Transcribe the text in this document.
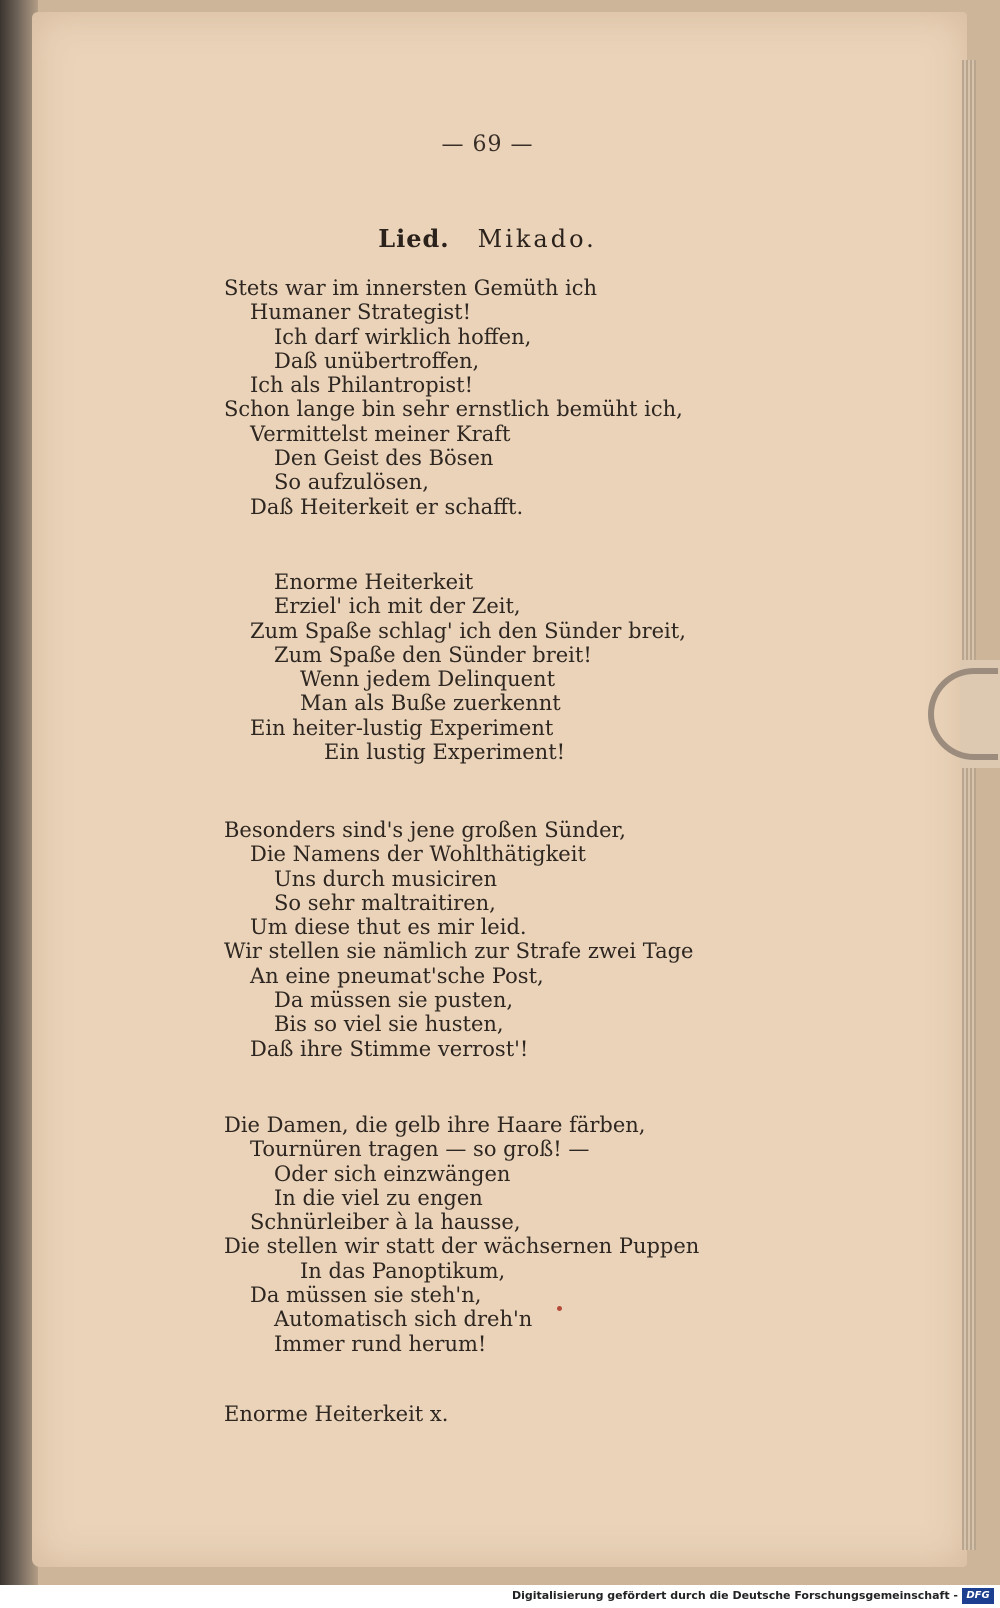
— 69 —
Lied. Mikado.
Stets war im innersten Gemüth ich
Humaner Strategist!
Ich darf wirklich hoffen,
Daß unübertroffen,
Ich als Philantropist!
Schon lange bin sehr ernstlich bemüht ich,
Vermittelst meiner Kraft
Den Geist des Bösen
So aufzulösen,
Daß Heiterkeit er schafft.
Enorme Heiterkeit
Erziel' ich mit der Zeit,
Zum Spaße schlag' ich den Sünder breit,
Zum Spaße den Sünder breit!
Wenn jedem Delinquent
Man als Buße zuerkennt
Ein heiter-lustig Experiment
Ein lustig Experiment!
Besonders sind's jene großen Sünder,
Die Namens der Wohlthätigkeit
Uns durch musiciren
So sehr maltraitiren,
Um diese thut es mir leid.
Wir stellen sie nämlich zur Strafe zwei Tage
An eine pneumat'sche Post,
Da müssen sie pusten,
Bis so viel sie husten,
Daß ihre Stimme verrost'!
Die Damen, die gelb ihre Haare färben,
Tournüren tragen — so groß! —
Oder sich einzwängen
In die viel zu engen
Schnürleiber à la hausse,
Die stellen wir statt der wächsernen Puppen
In das Panoptikum,
Da müssen sie steh'n,
Automatisch sich dreh'n
Immer rund herum!
Enorme Heiterkeit x.
Digitalisierung gefördert durch die Deutsche Forschungsgemeinschaft - DFG
